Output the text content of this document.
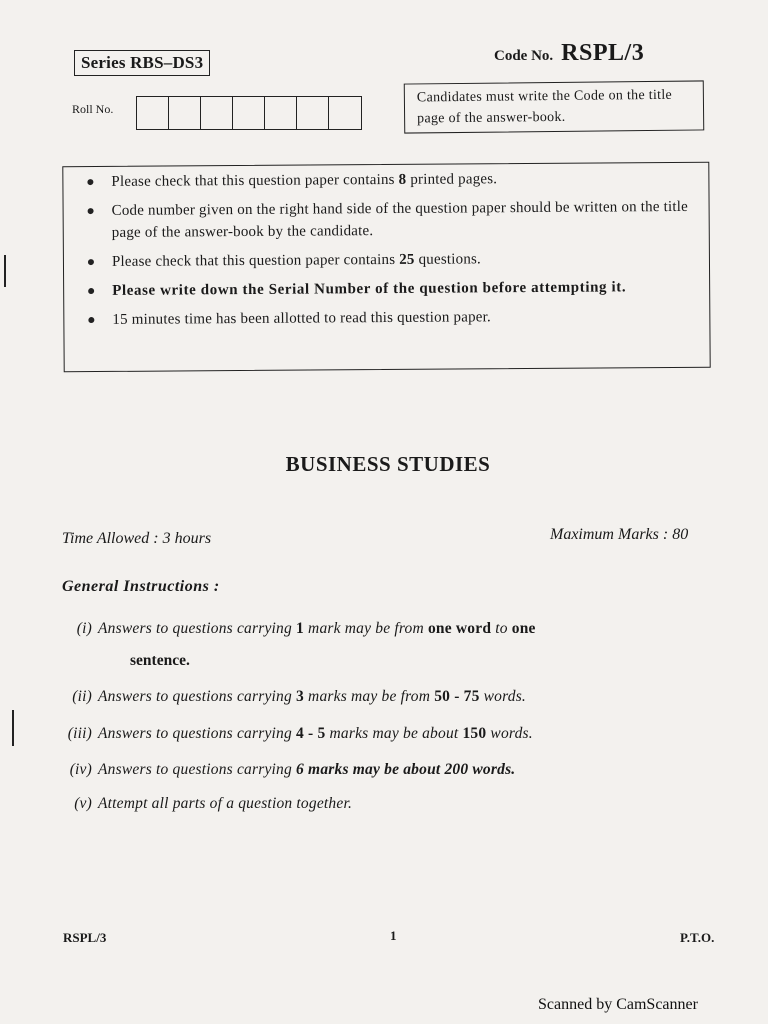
Series RBS–DS3	Code No. RSPL/3
Roll No.
Candidates must write the Code on the title page of the answer-book.
Please check that this question paper contains 8 printed pages.
Code number given on the right hand side of the question paper should be written on the title page of the answer-book by the candidate.
Please check that this question paper contains 25 questions.
Please write down the Serial Number of the question before attempting it.
15 minutes time has been allotted to read this question paper.
BUSINESS STUDIES
Time Allowed : 3 hours	Maximum Marks : 80
General Instructions :
(i) Answers to questions carrying 1 mark may be from one word to one
sentence.
(ii) Answers to questions carrying 3 marks may be from 50 - 75 words.
(iii) Answers to questions carrying 4 - 5 marks may be about 150 words.
(iv) Answers to questions carrying 6 marks may be about 200 words.
(v) Attempt all parts of a question together.
RSPL/3	1	P.T.O.
Scanned by CamScanner
